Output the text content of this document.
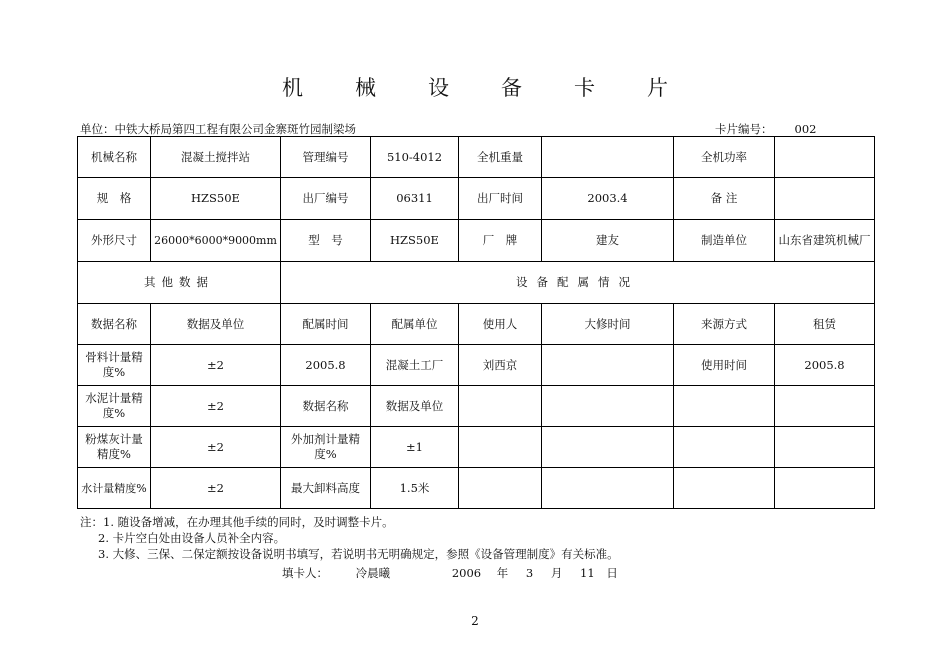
机械设备卡片
单位：中铁大桥局第四工程有限公司金寨斑竹园制梁场	卡片编号： 002
机械名称	混凝土搅拌站	管理编号	510-4012	全机重量		全机功率	
规　格	HZS50E	出厂编号	06311	出厂时间	2003.4	备 注	
外形尺寸	26000*6000*9000mm	型　号	HZS50E	厂　牌	建友	制造单位	山东省建筑机械厂
其他数据		设备配属情况					
数据名称	数据及单位	配属时间	配属单位	使用人	大修时间	来源方式	租赁
骨料计量精度%	±2	2005.8	混凝土工厂	刘西京		使用时间	2005.8
水泥计量精度%	±2	数据名称	数据及单位				
粉煤灰计量精度%	±2	外加剂计量精度%	±1				
水计量精度%	±2	最大卸料高度	1.5米				
注：1. 随设备增减，在办理其他手续的同时，及时调整卡片。
2. 卡片空白处由设备人员补全内容。
3. 大修、三保、二保定额按设备说明书填写，若说明书无明确规定，参照《设备管理制度》有关标准。
填卡人： 冷晨曦	2006 年 3 月 11 日
2
